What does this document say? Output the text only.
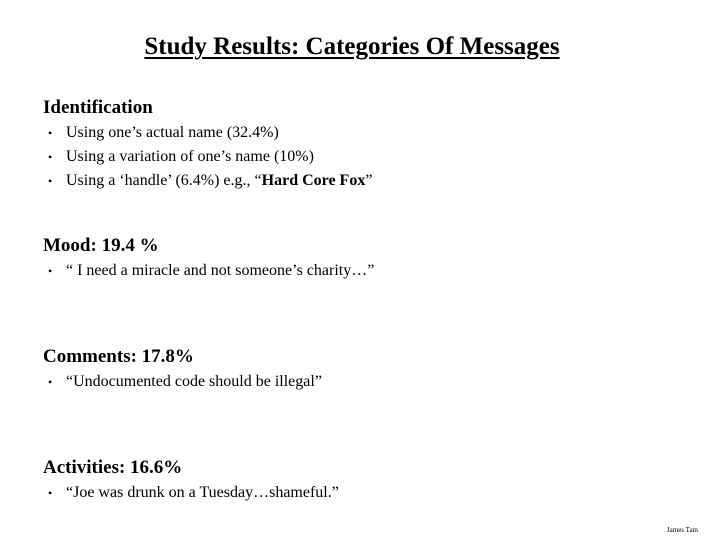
Study Results: Categories Of Messages
Identification
• Using one’s actual name (32.4%)
• Using a variation of one’s name (10%)
• Using a ‘handle’ (6.4%) e.g., “Hard Core Fox”
Mood: 19.4 %
• “ I need a miracle and not someone’s charity…”
Comments: 17.8%
• “Undocumented code should be illegal”
Activities: 16.6%
• “Joe was drunk on a Tuesday…shameful.”
James Tam
